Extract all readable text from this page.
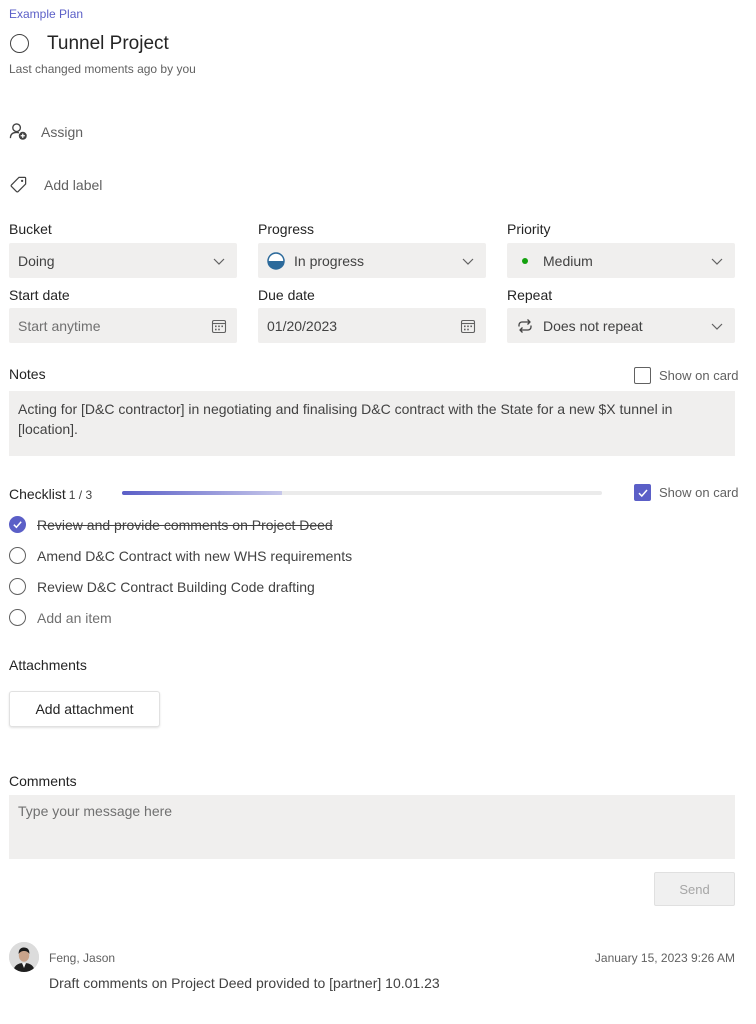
Example Plan
Tunnel Project
Last changed moments ago by you
Assign
Add label
Bucket	Progress	Priority
Doing	In progress	Medium
Start date	Due date	Repeat
Start anytime	01/20/2023	Does not repeat
Notes	Show on card
Acting for [D&C contractor] in negotiating and finalising D&C contract with the State for a new $X tunnel in [location].
Checklist 1 / 3	Show on card
Review and provide comments on Project Deed
Amend D&C Contract with new WHS requirements
Review D&C Contract Building Code drafting
Add an item
Attachments
Add attachment
Comments
Type your message here
Send
Feng, Jason	January 15, 2023 9:26 AM
Draft comments on Project Deed provided to [partner] 10.01.23
